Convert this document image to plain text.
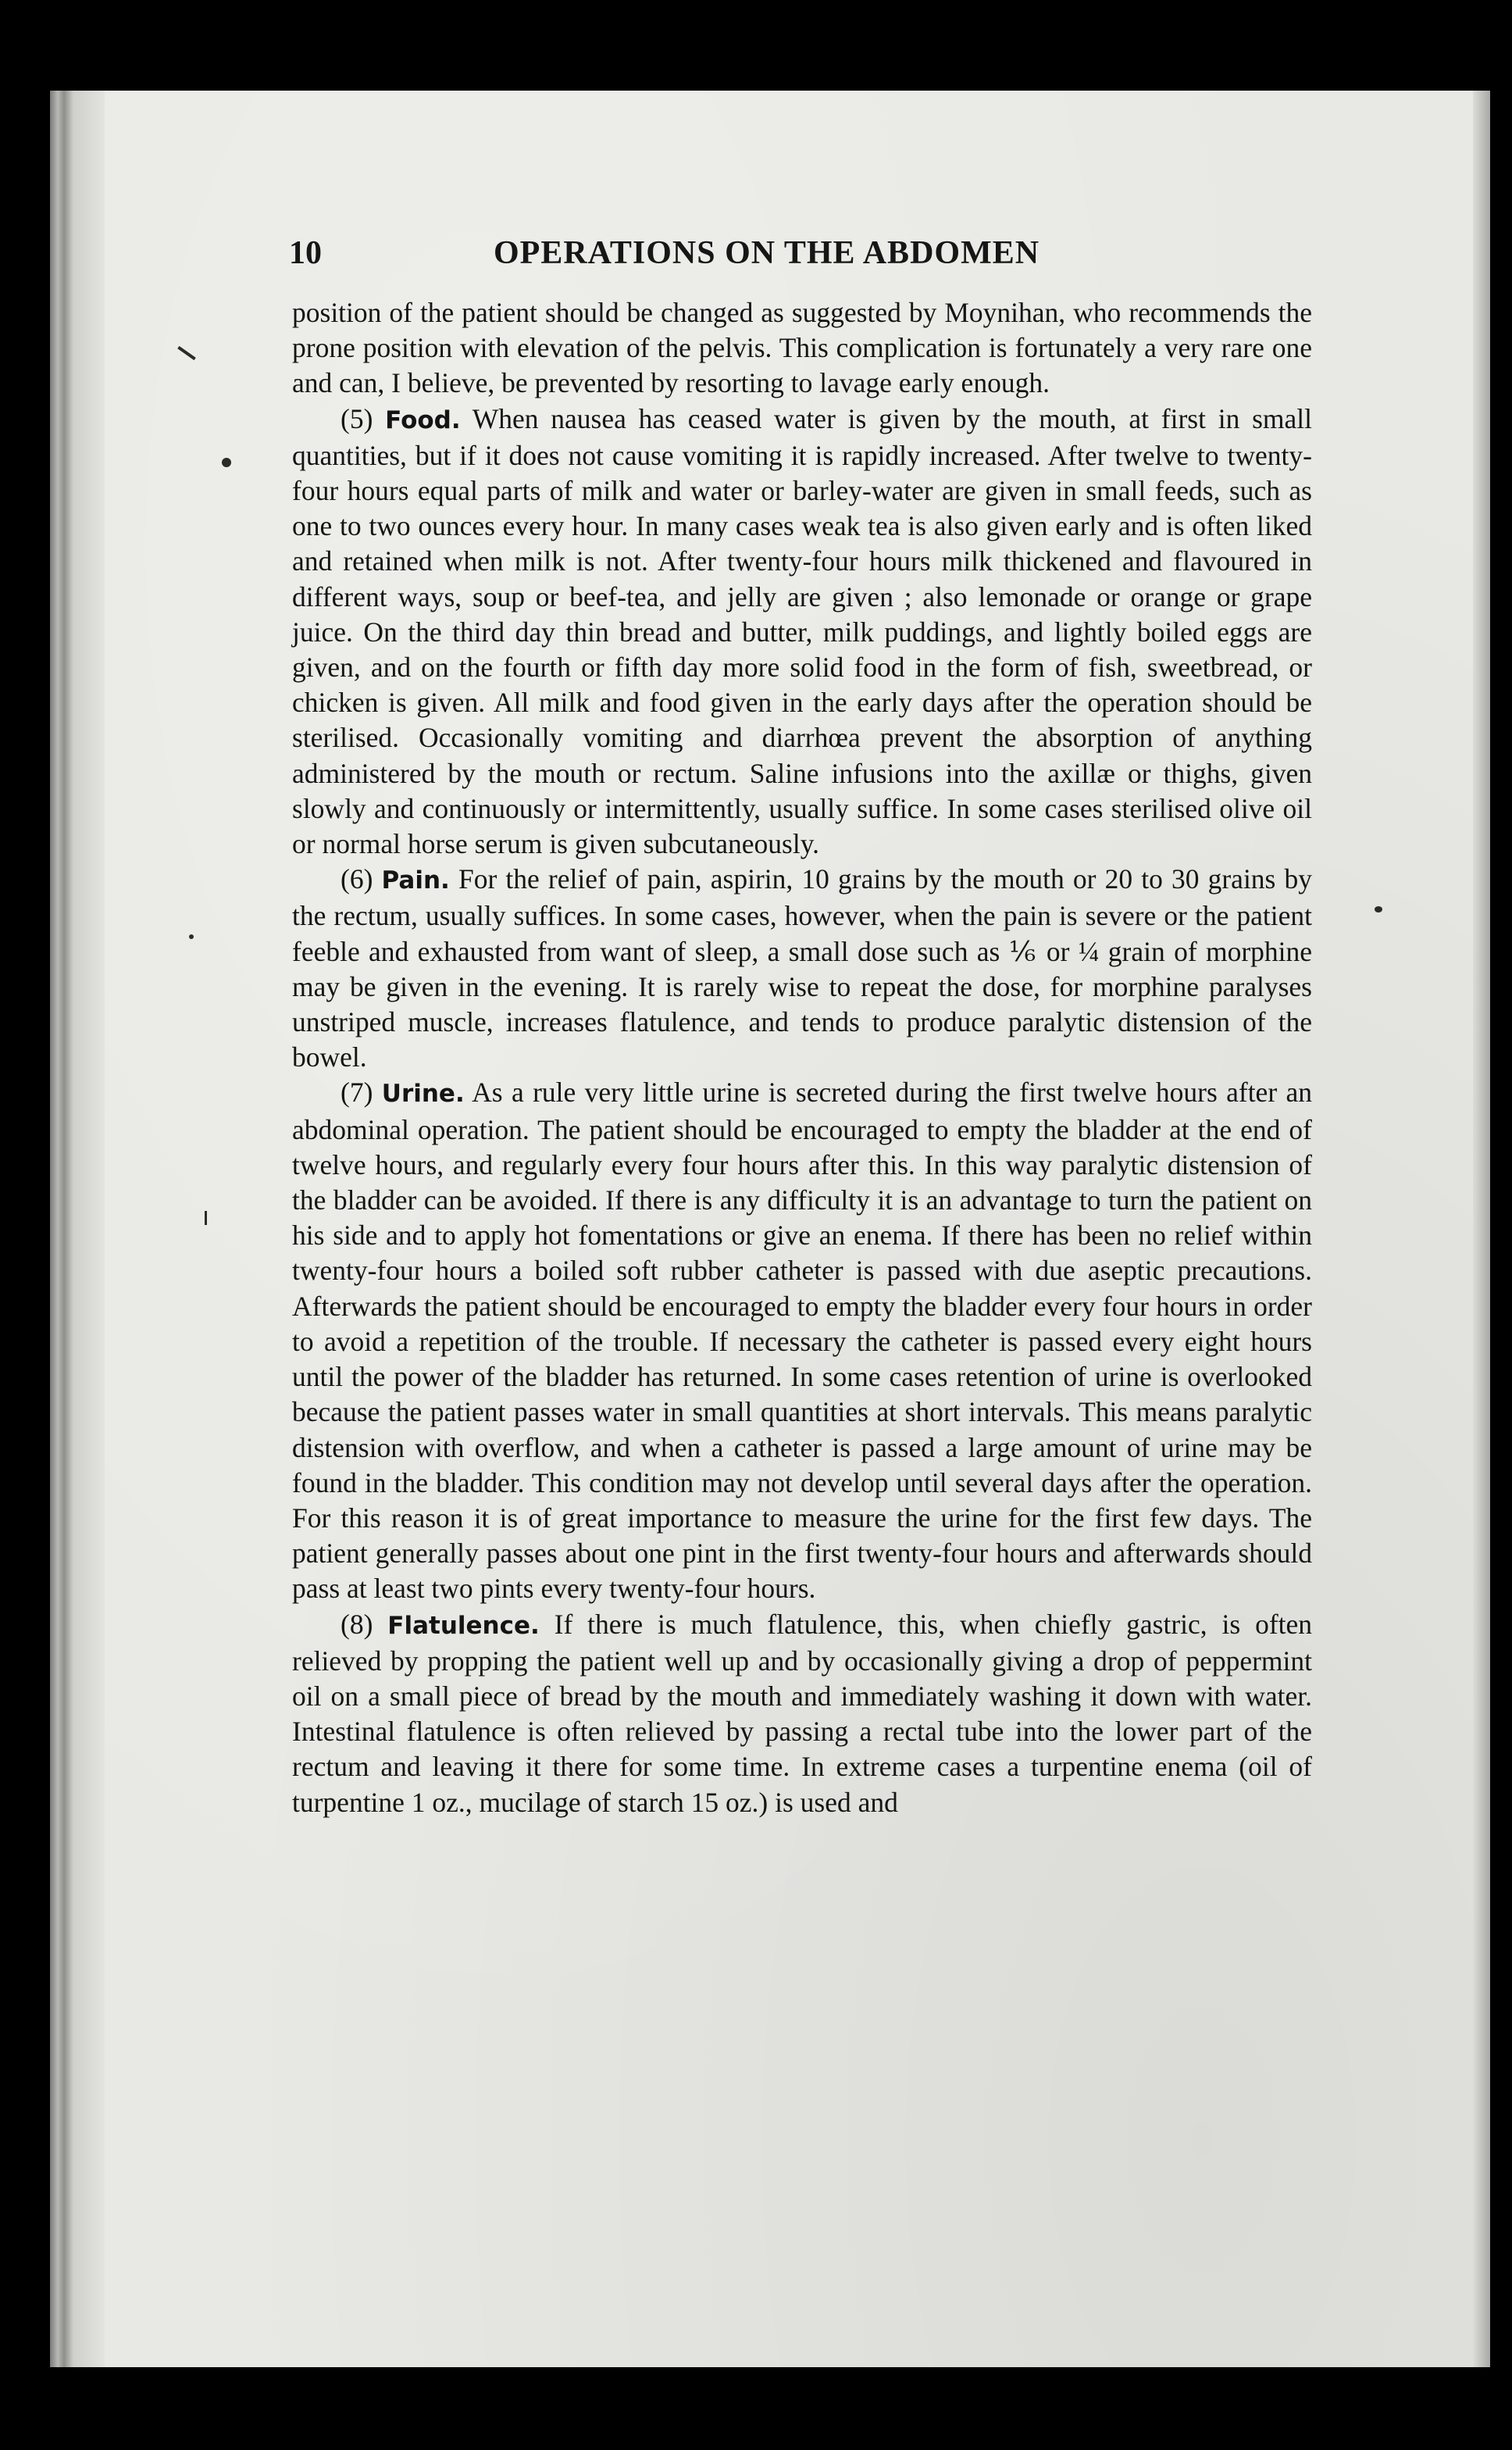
10	OPERATIONS ON THE ABDOMEN

position of the patient should be changed as suggested by Moynihan, who recommends the prone position with elevation of the pelvis. This complication is fortunately a very rare one and can, I believe, be prevented by resorting to lavage early enough.

(5) Food. When nausea has ceased water is given by the mouth, at first in small quantities, but if it does not cause vomiting it is rapidly increased. After twelve to twenty-four hours equal parts of milk and water or barley-water are given in small feeds, such as one to two ounces every hour. In many cases weak tea is also given early and is often liked and retained when milk is not. After twenty-four hours milk thickened and flavoured in different ways, soup or beef-tea, and jelly are given ; also lemonade or orange or grape juice. On the third day thin bread and butter, milk puddings, and lightly boiled eggs are given, and on the fourth or fifth day more solid food in the form of fish, sweetbread, or chicken is given. All milk and food given in the early days after the operation should be sterilised. Occasionally vomiting and diarrhœa prevent the absorption of anything administered by the mouth or rectum. Saline infusions into the axillæ or thighs, given slowly and continuously or intermittently, usually suffice. In some cases sterilised olive oil or normal horse serum is given subcutaneously.

(6) Pain. For the relief of pain, aspirin, 10 grains by the mouth or 20 to 30 grains by the rectum, usually suffices. In some cases, however, when the pain is severe or the patient feeble and exhausted from want of sleep, a small dose such as ⅙ or ¼ grain of morphine may be given in the evening. It is rarely wise to repeat the dose, for morphine paralyses unstriped muscle, increases flatulence, and tends to produce paralytic distension of the bowel.

(7) Urine. As a rule very little urine is secreted during the first twelve hours after an abdominal operation. The patient should be encouraged to empty the bladder at the end of twelve hours, and regularly every four hours after this. In this way paralytic distension of the bladder can be avoided. If there is any difficulty it is an advantage to turn the patient on his side and to apply hot fomentations or give an enema. If there has been no relief within twenty-four hours a boiled soft rubber catheter is passed with due aseptic precautions. Afterwards the patient should be encouraged to empty the bladder every four hours in order to avoid a repetition of the trouble. If necessary the catheter is passed every eight hours until the power of the bladder has returned. In some cases retention of urine is overlooked because the patient passes water in small quantities at short intervals. This means paralytic distension with overflow, and when a catheter is passed a large amount of urine may be found in the bladder. This condition may not develop until several days after the operation. For this reason it is of great importance to measure the urine for the first few days. The patient generally passes about one pint in the first twenty-four hours and afterwards should pass at least two pints every twenty-four hours.

(8) Flatulence. If there is much flatulence, this, when chiefly gastric, is often relieved by propping the patient well up and by occasionally giving a drop of peppermint oil on a small piece of bread by the mouth and immediately washing it down with water. Intestinal flatulence is often relieved by passing a rectal tube into the lower part of the rectum and leaving it there for some time. In extreme cases a turpentine enema (oil of turpentine 1 oz., mucilage of starch 15 oz.) is used and
